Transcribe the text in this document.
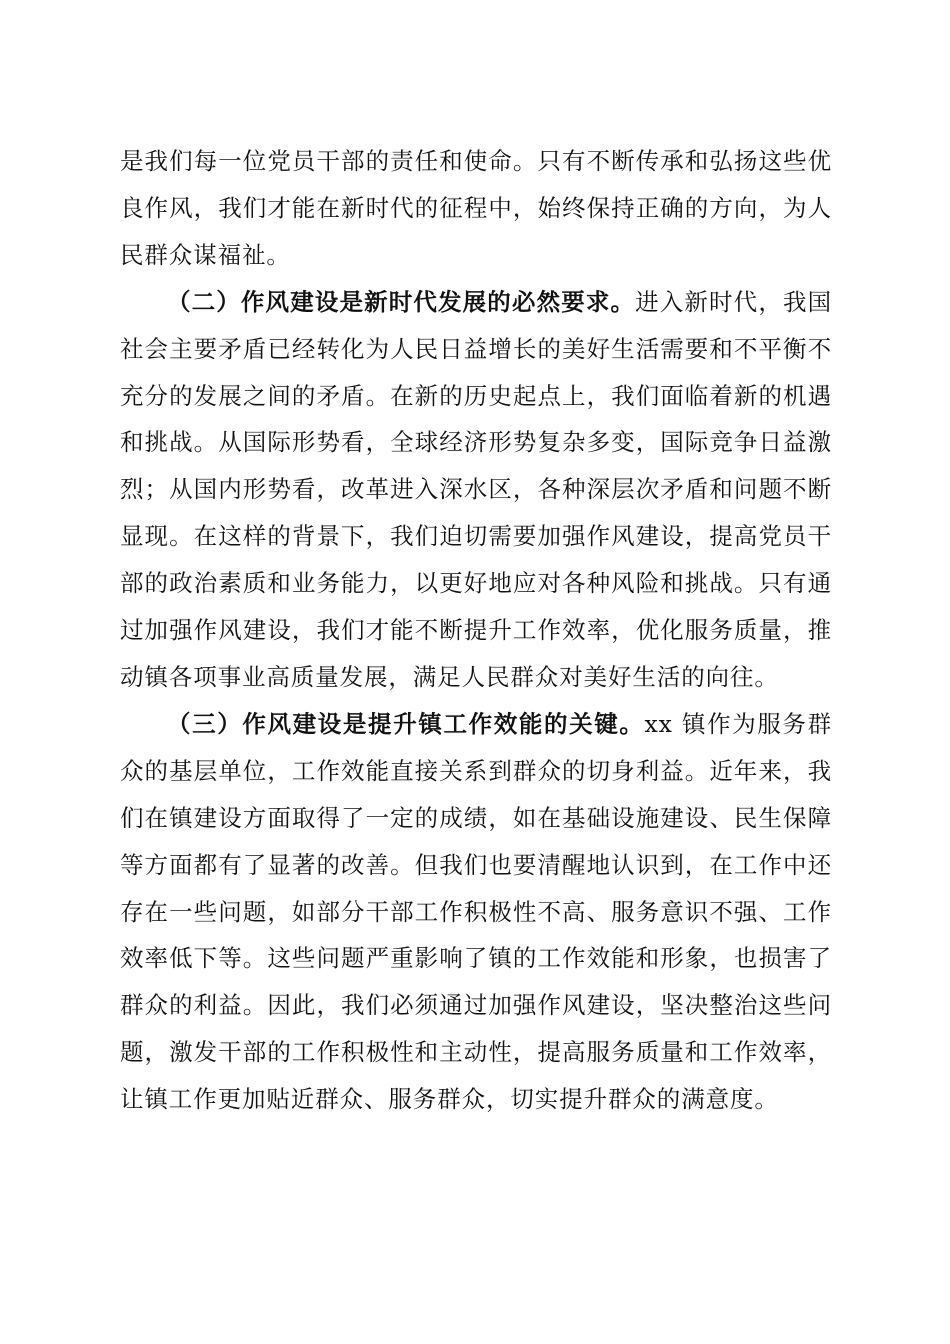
是我们每一位党员干部的责任和使命。只有不断传承和弘扬这些优良作风，我们才能在新时代的征程中，始终保持正确的方向，为人民群众谋福祉。

（二）作风建设是新时代发展的必然要求。进入新时代，我国社会主要矛盾已经转化为人民日益增长的美好生活需要和不平衡不充分的发展之间的矛盾。在新的历史起点上，我们面临着新的机遇和挑战。从国际形势看，全球经济形势复杂多变，国际竞争日益激烈；从国内形势看，改革进入深水区，各种深层次矛盾和问题不断显现。在这样的背景下，我们迫切需要加强作风建设，提高党员干部的政治素质和业务能力，以更好地应对各种风险和挑战。只有通过加强作风建设，我们才能不断提升工作效率，优化服务质量，推动镇各项事业高质量发展，满足人民群众对美好生活的向往。

（三）作风建设是提升镇工作效能的关键。xx 镇作为服务群众的基层单位，工作效能直接关系到群众的切身利益。近年来，我们在镇建设方面取得了一定的成绩，如在基础设施建设、民生保障等方面都有了显著的改善。但我们也要清醒地认识到，在工作中还存在一些问题，如部分干部工作积极性不高、服务意识不强、工作效率低下等。这些问题严重影响了镇的工作效能和形象，也损害了群众的利益。因此，我们必须通过加强作风建设，坚决整治这些问题，激发干部的工作积极性和主动性，提高服务质量和工作效率，让镇工作更加贴近群众、服务群众，切实提升群众的满意度。
